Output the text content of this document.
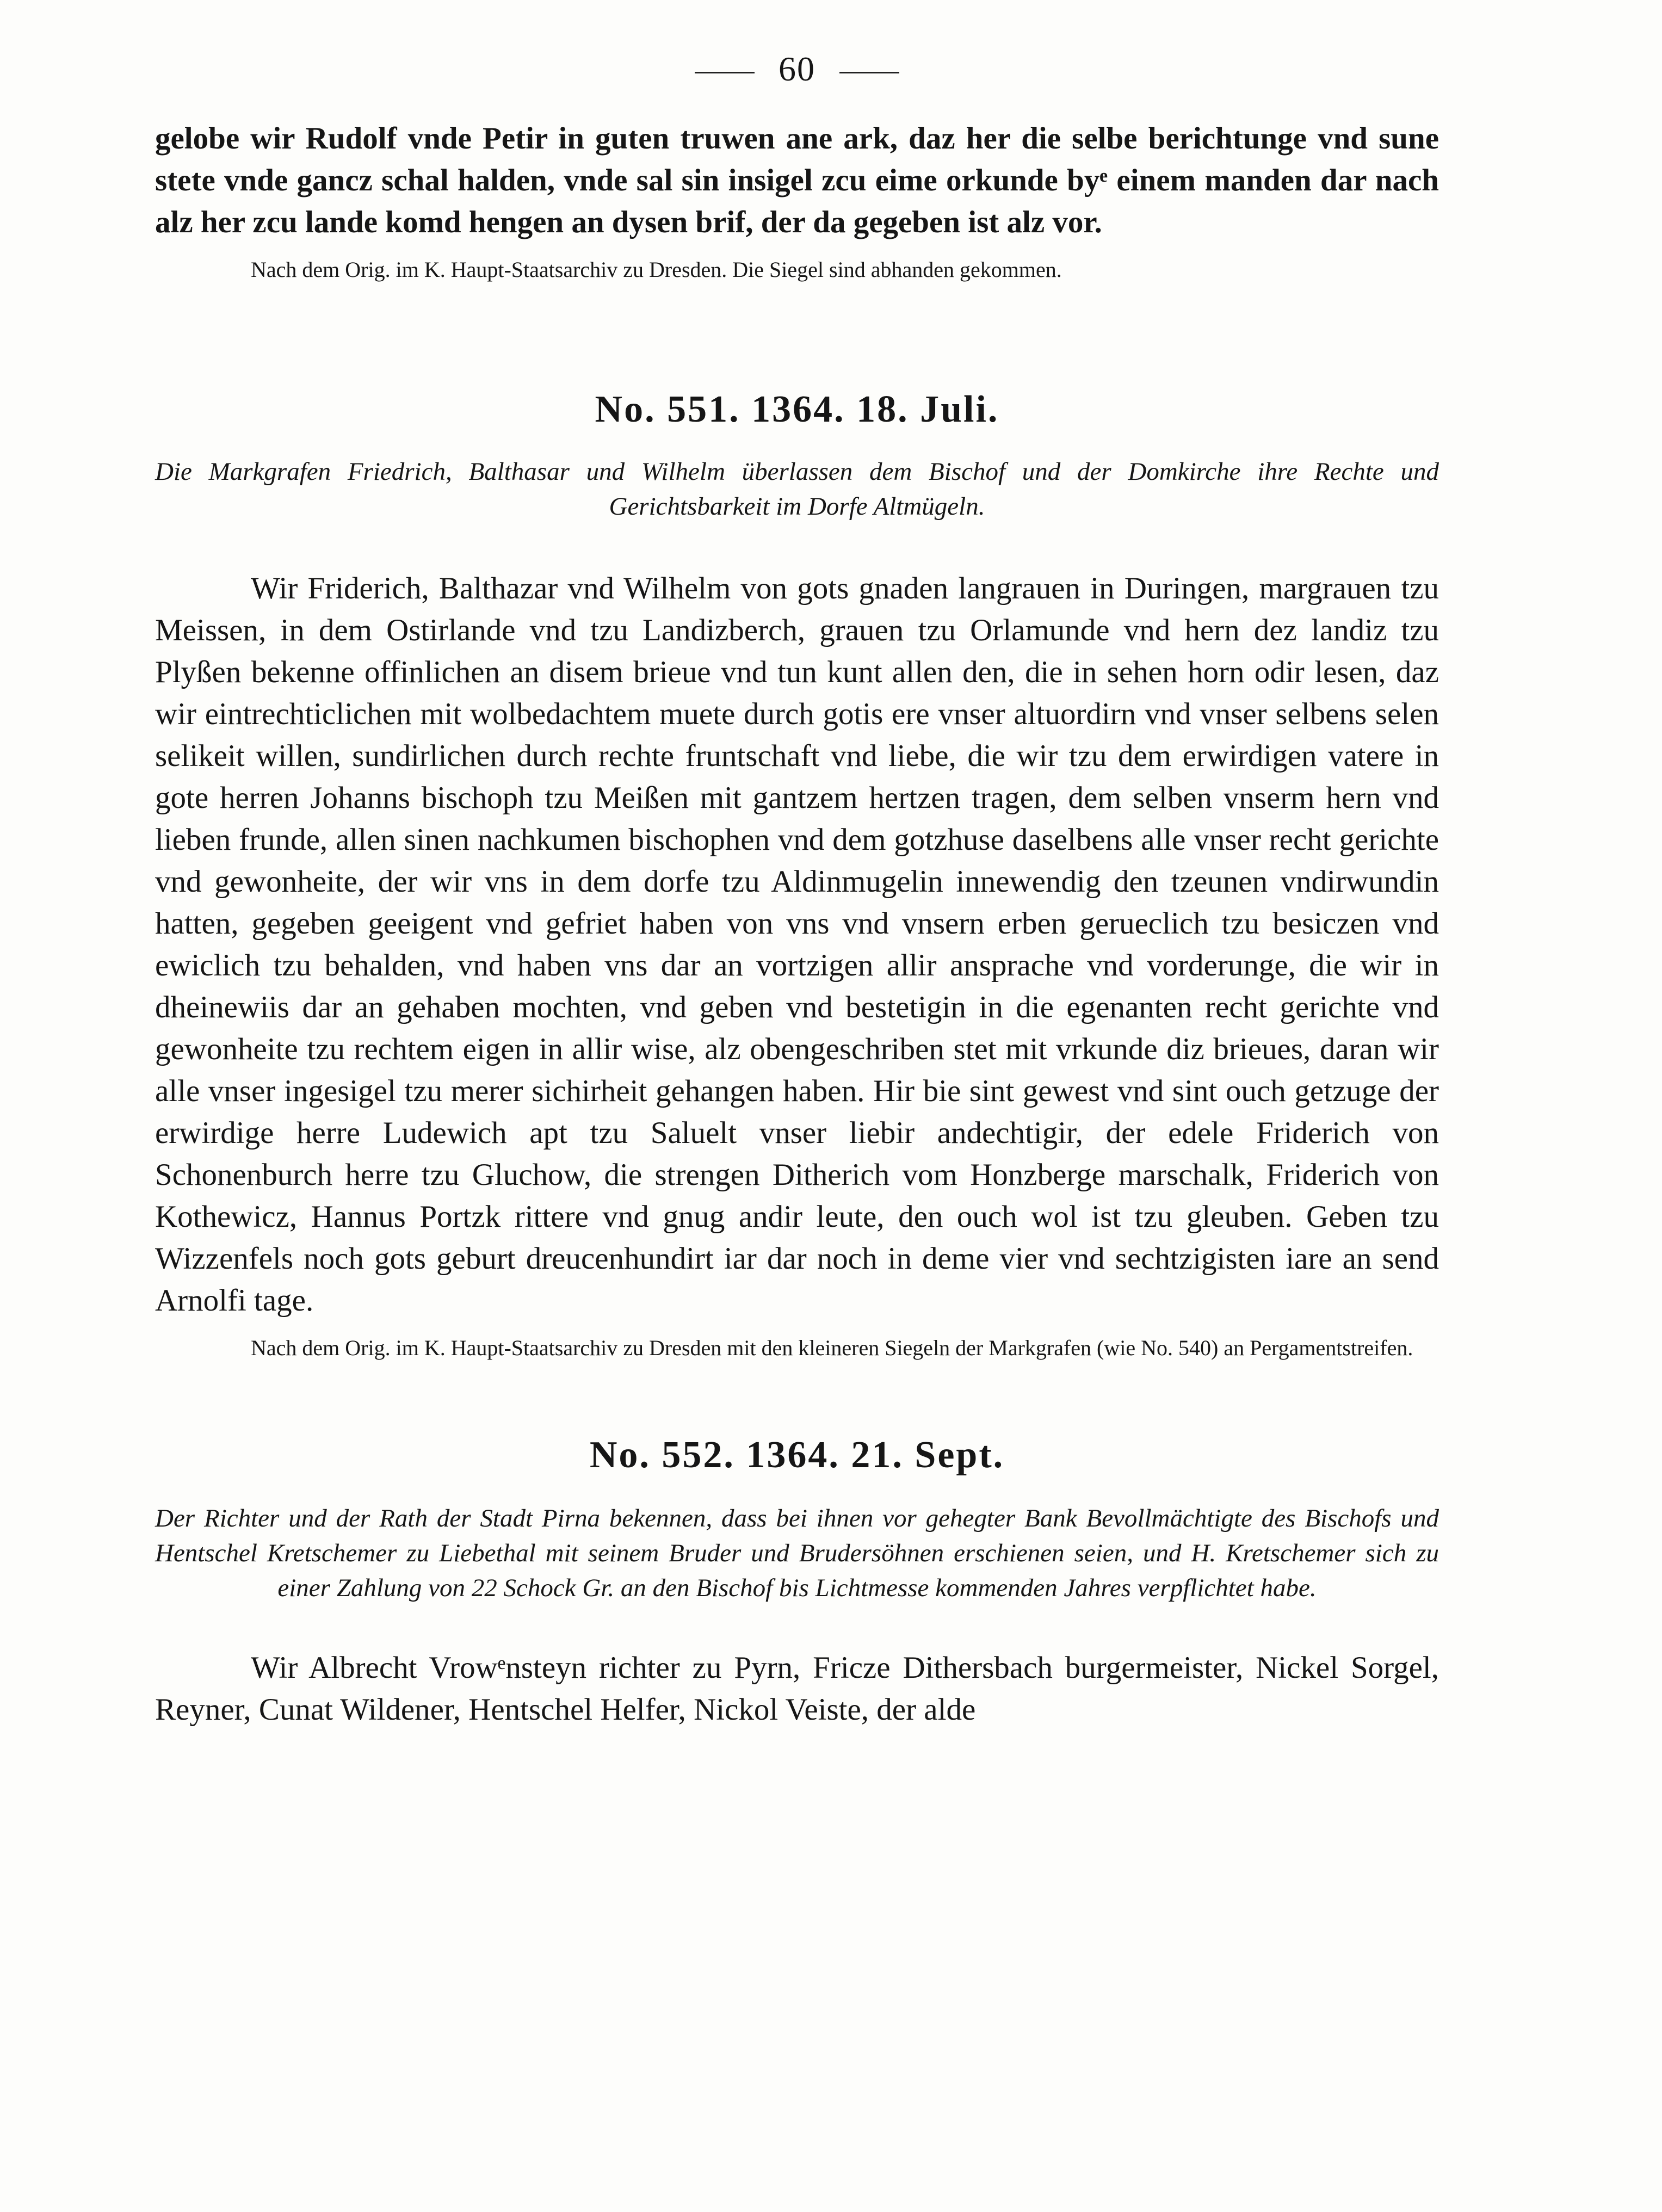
60

gelobe wir Rudolf vnde Petir in guten truwen ane ark, daz her die selbe berichtunge vnd sune stete vnde gancz schal halden, vnde sal sin insigel zcu eime orkunde byᵉ einem manden dar nach alz her zcu lande komd hengen an dysen brif, der da gegeben ist alz vor.

Nach dem Orig. im K. Haupt-Staatsarchiv zu Dresden. Die Siegel sind abhanden gekommen.

No. 551. 1364. 18. Juli.

Die Markgrafen Friedrich, Balthasar und Wilhelm überlassen dem Bischof und der Domkirche ihre Rechte und Gerichtsbarkeit im Dorfe Altmügeln.

Wir Friderich, Balthazar vnd Wilhelm von gots gnaden langrauen in Duringen, margrauen tzu Meissen, in dem Ostirlande vnd tzu Landizberch, grauen tzu Orlamunde vnd hern dez landiz tzu Plyßen bekenne offinlichen an disem brieue vnd tun kunt allen den, die in sehen horn odir lesen, daz wir eintrechticlichen mit wolbedachtem muete durch gotis ere vnser altuordirn vnd vnser selbens selen selikeit willen, sundirlichen durch rechte fruntschaft vnd liebe, die wir tzu dem erwirdigen vatere in gote herren Johanns bischoph tzu Meißen mit gantzem hertzen tragen, dem selben vnserm hern vnd lieben frunde, allen sinen nachkumen bischophen vnd dem gotzhuse daselbens alle vnser recht gerichte vnd gewonheite, der wir vns in dem dorfe tzu Aldinmugelin innewendig den tzeunen vndirwundin hatten, gegeben geeigent vnd gefriet haben von vns vnd vnsern erben gerueclich tzu besiczen vnd ewiclich tzu behalden, vnd haben vns dar an vortzigen allir ansprache vnd vorderunge, die wir in dheinewiis dar an gehaben mochten, vnd geben vnd bestetigin in die egenanten recht gerichte vnd gewonheite tzu rechtem eigen in allir wise, alz obengeschriben stet mit vrkunde diz brieues, daran wir alle vnser ingesigel tzu merer sichirheit gehangen haben. Hir bie sint gewest vnd sint ouch getzuge der erwirdige herre Ludewich apt tzu Saluelt vnser liebir andechtigir, der edele Friderich von Schonenburch herre tzu Gluchow, die strengen Ditherich vom Honzberge marschalk, Friderich von Kothewicz, Hannus Portzk rittere vnd gnug andir leute, den ouch wol ist tzu gleuben. Geben tzu Wizzenfels noch gots geburt dreucenhundirt iar dar noch in deme vier vnd sechtzigisten iare an send Arnolfi tage.

Nach dem Orig. im K. Haupt-Staatsarchiv zu Dresden mit den kleineren Siegeln der Markgrafen (wie No. 540) an Pergamentstreifen.

No. 552. 1364. 21. Sept.

Der Richter und der Rath der Stadt Pirna bekennen, dass bei ihnen vor gehegter Bank Bevollmächtigte des Bischofs und Hentschel Kretschemer zu Liebethal mit seinem Bruder und Brudersöhnen erschienen seien, und H. Kretschemer sich zu einer Zahlung von 22 Schock Gr. an den Bischof bis Lichtmesse kommenden Jahres verpflichtet habe.

Wir Albrecht Vrowᵉnsteyn richter zu Pyrn, Fricze Dithersbach burgermeister, Nickel Sorgel, Reyner, Cunat Wildener, Hentschel Helfer, Nickol Veiste, der alde
